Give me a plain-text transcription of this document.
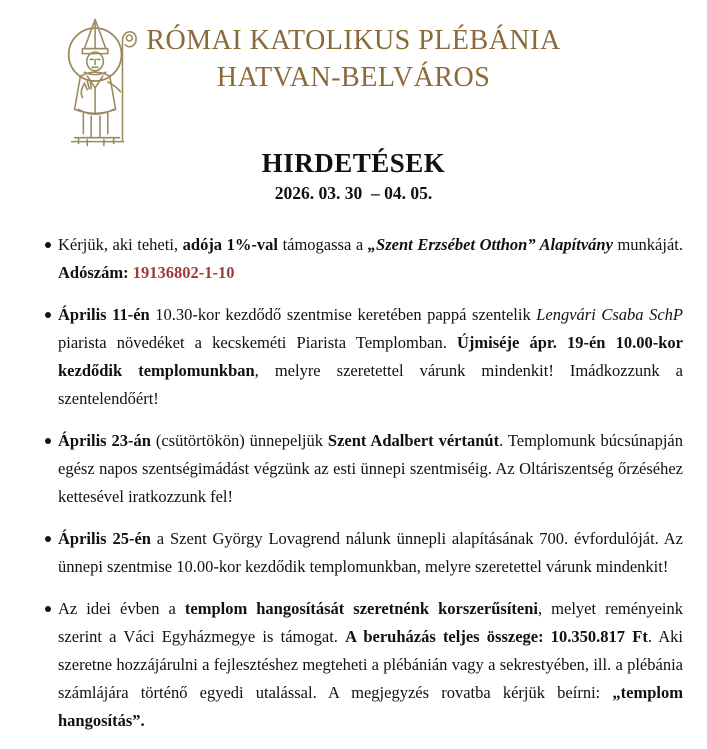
RÓMAI KATOLIKUS PLÉBÁNIA
HATVAN-BELVÁROS
HIRDETÉSEK
2026. 03. 30  – 04. 05.
Kérjük, aki teheti, adója 1%-val támogassa a „Szent Erzsébet Otthon” Alapítvány munkáját. Adószám: 19136802-1-10
Április 11-én 10.30-kor kezdődő szentmise keretében pappá szentelik Lengvári Csaba SchP piarista növedéket a kecskeméti Piarista Templomban. Újmiséje ápr. 19-én 10.00-kor kezdődik templomunkban, melyre szeretettel várunk mindenkit! Imádkozzunk a szentelendőért!
Április 23-án (csütörtökön) ünnepeljük Szent Adalbert vértanút. Templomunk búcsúnapján egész napos szentségimádást végzünk az esti ünnepi szentmiséig. Az Oltáriszentség őrzéséhez kettesével iratkozzunk fel!
Április 25-én a Szent György Lovagrend nálunk ünnepli alapításának 700. évfordulóját. Az ünnepi szentmise 10.00-kor kezdődik templomunkban, melyre szeretettel várunk mindenkit!
Az idei évben a templom hangosítását szeretnénk korszerűsíteni, melyet reményeink szerint a Váci Egyházmegye is támogat. A beruházás teljes összege: 10.350.817 Ft. Aki szeretne hozzájárulni a fejlesztéshez megteheti a plébánián vagy a sekrestyében, ill. a plébánia számlájára történő egyedi utalással. A megjegyzés rovatba kérjük beírni: „templom hangosítás”.
